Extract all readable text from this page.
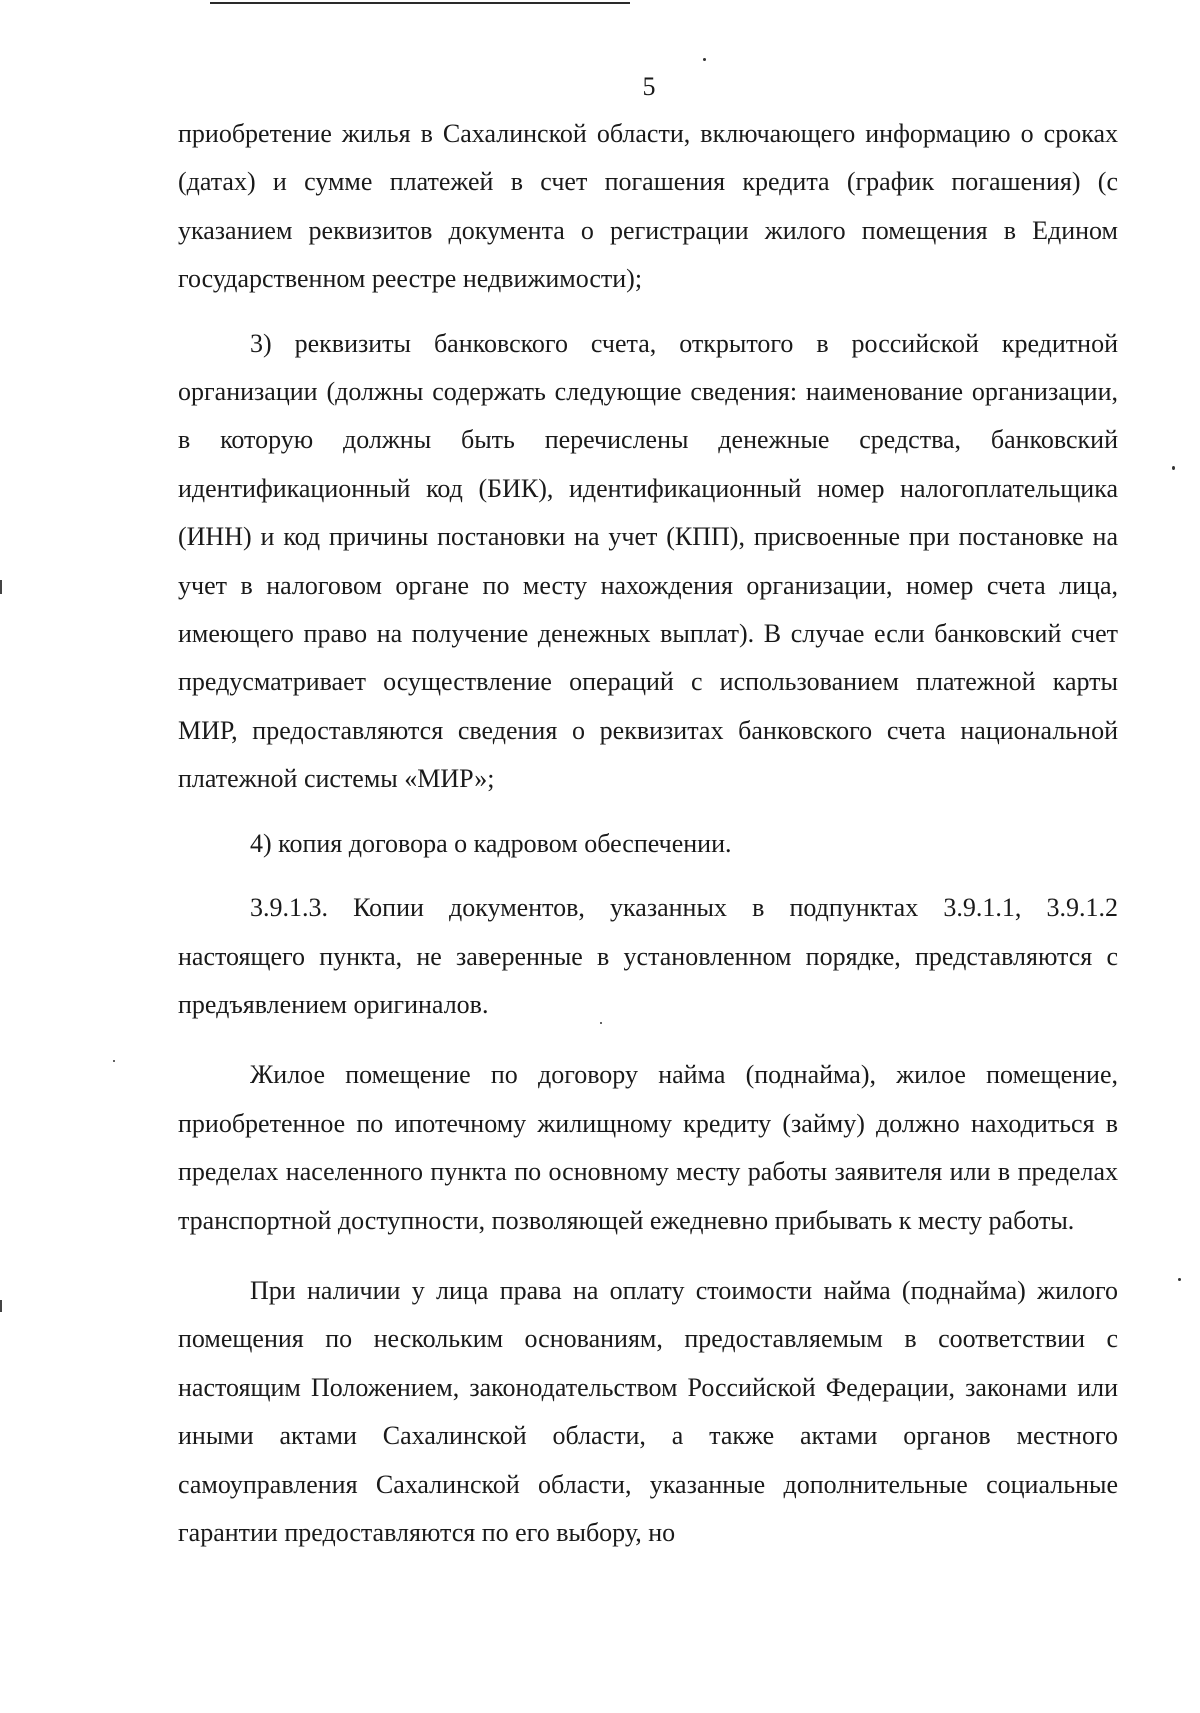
5

приобретение жилья в Сахалинской области, включающего информацию о сроках (датах) и сумме платежей в счет погашения кредита (график погашения) (с указанием реквизитов документа о регистрации жилого помещения в Едином государственном реестре недвижимости);

3) реквизиты банковского счета, открытого в российской кредитной организации (должны содержать следующие сведения: наименование организации, в которую должны быть перечислены денежные средства, банковский идентификационный код (БИК), идентификационный номер налогоплательщика (ИНН) и код причины постановки на учет (КПП), присвоенные при постановке на учет в налоговом органе по месту нахождения организации, номер счета лица, имеющего право на получение денежных выплат). В случае если банковский счет предусматривает осуществление операций с использованием платежной карты МИР, предоставляются сведения о реквизитах банковского счета национальной платежной системы «МИР»;

4) копия договора о кадровом обеспечении.

3.9.1.3. Копии документов, указанных в подпунктах 3.9.1.1, 3.9.1.2 настоящего пункта, не заверенные в установленном порядке, представляются с предъявлением оригиналов.

Жилое помещение по договору найма (поднайма), жилое помещение, приобретенное по ипотечному жилищному кредиту (займу) должно находиться в пределах населенного пункта по основному месту работы заявителя или в пределах транспортной доступности, позволяющей ежедневно прибывать к месту работы.

При наличии у лица права на оплату стоимости найма (поднайма) жилого помещения по нескольким основаниям, предоставляемым в соответствии с настоящим Положением, законодательством Российской Федерации, законами или иными актами Сахалинской области, а также актами органов местного самоуправления Сахалинской области, указанные дополнительные социальные гарантии предоставляются по его выбору, но
